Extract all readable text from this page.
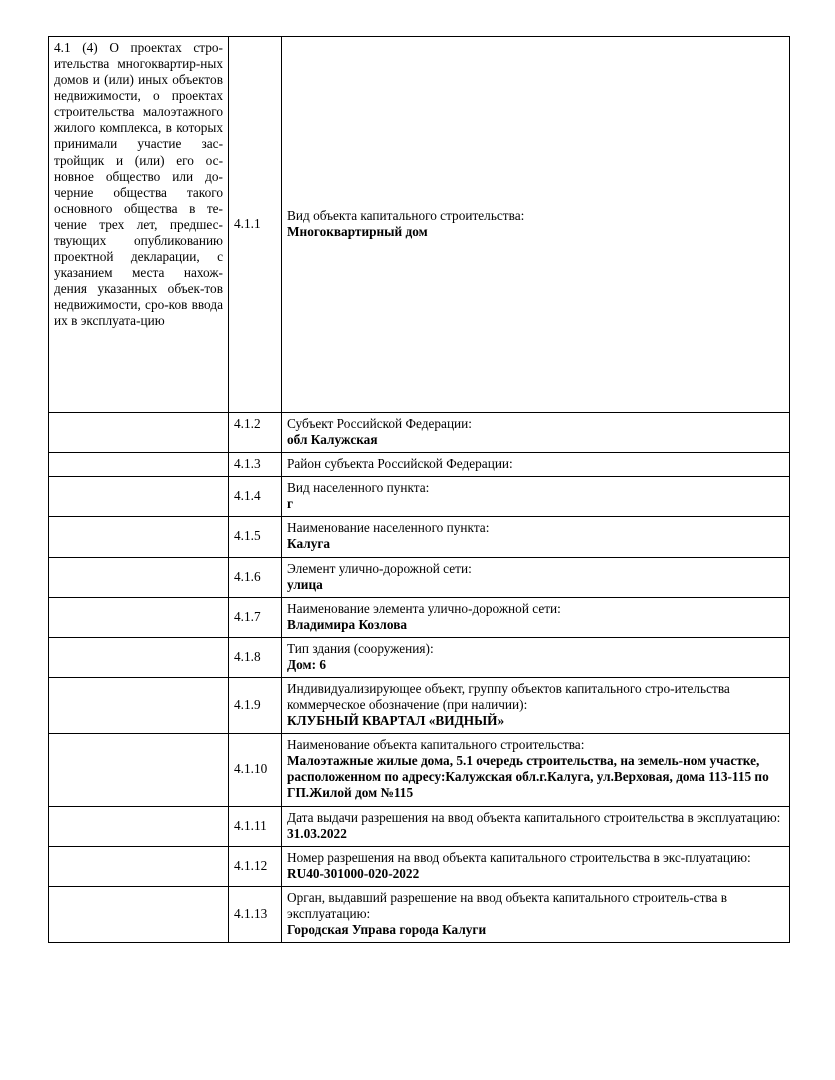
4.1 (4) О проектах стро-ительства многоквартир-ных домов и (или) иных объектов недвижимости, о проектах строительства малоэтажного жилого комплекса, в которых принимали участие зас-тройщик и (или) его ос-новное общество или до-черние общества такого основного общества в те-чение трех лет, предшес-твующих опубликованию проектной декларации, с указанием места нахож-дения указанных объек-тов недвижимости, сро-ков ввода их в эксплуата-цию	4.1.1	Вид объекта капитального строительства:
Многоквартирный дом

	4.1.2	Субъект Российской Федерации:
обл Калужская

	4.1.3	Район субъекта Российской Федерации:

	4.1.4	Вид населенного пункта:
г

	4.1.5	Наименование населенного пункта:
Калуга

	4.1.6	Элемент улично-дорожной сети:
улица

	4.1.7	Наименование элемента улично-дорожной сети:
Владимира Козлова

	4.1.8	Тип здания (сооружения):
Дом: 6

	4.1.9	Индивидуализирующее объект, группу объектов капитального стро-ительства коммерческое обозначение (при наличии):
КЛУБНЫЙ КВАРТАЛ «ВИДНЫЙ»

	4.1.10	Наименование объекта капитального строительства:
Малоэтажные жилые дома, 5.1 очередь строительства, на земель-ном участке, расположенном по адресу:Калужская обл.г.Калуга, ул.Верховая, дома 113-115 по ГП.Жилой дом №115

	4.1.11	Дата выдачи разрешения на ввод объекта капитального строительства в эксплуатацию:
31.03.2022

	4.1.12	Номер разрешения на ввод объекта капитального строительства в экс-плуатацию:
RU40-301000-020-2022

	4.1.13	Орган, выдавший разрешение на ввод объекта капитального строитель-ства в эксплуатацию:
Городская Управа города Калуги
